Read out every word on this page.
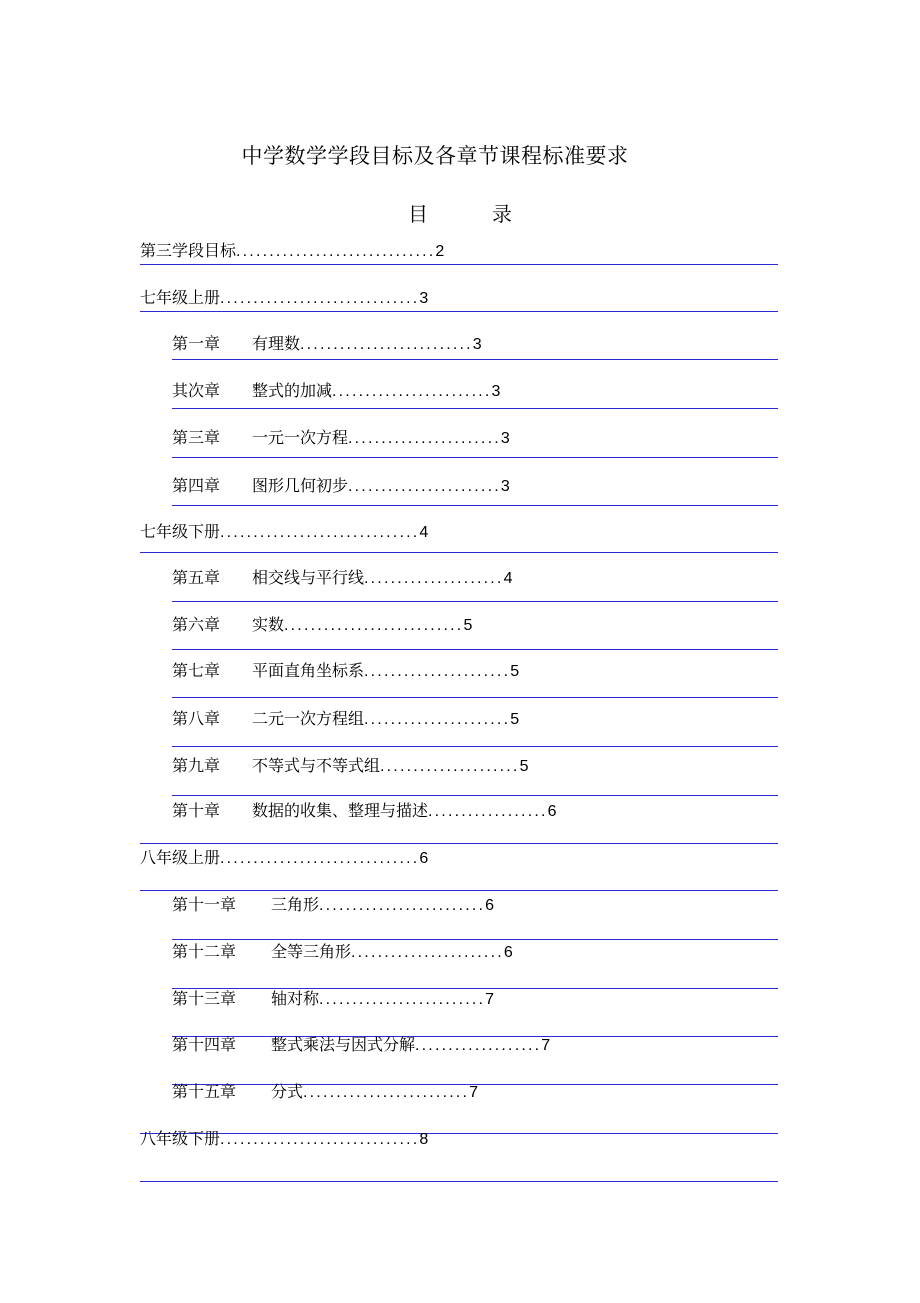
中学数学学段目标及各章节课程标准要求
目	录
第三学段目标..............................2
七年级上册..............................3
第一章 有理数..........................3
其次章 整式的加减........................3
第三章 一元一次方程.......................3
第四章 图形几何初步.......................3
七年级下册..............................4
第五章 相交线与平行线.....................4
第六章 实数...........................5
第七章 平面直角坐标系......................5
第八章 二元一次方程组......................5
第九章 不等式与不等式组.....................5
第十章 数据的收集、整理与描述..................6
八年级上册..............................6
第十一章 三角形.........................6
第十二章 全等三角形.......................6
第十三章 轴对称.........................7
第十四章 整式乘法与因式分解...................7
第十五章 分式.........................7
八年级下册..............................8
